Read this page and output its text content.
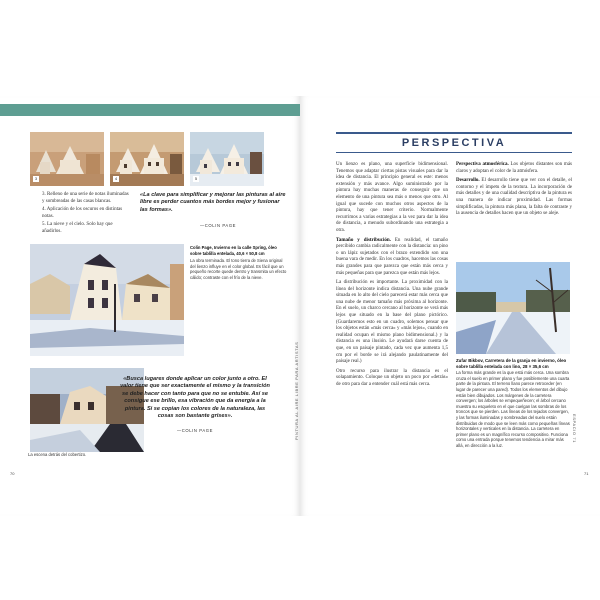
3	4	5
3. Relleno de una serie de notas iluminadas y sombreadas de las casas blancas.
4. Aplicación de los oscuros en distintas notas.
5. La nieve y el cielo. Solo hay que añadirlos.
«La clave para simplificar y mejorar las pinturas al aire libre es perder cuantos más bordes mejor y fusionar las formas».
—COLIN PAGE
Colin Page, Invierno en la calle Spring, óleo sobre tablilla entelada, 40,6 × 50,8 cm
La obra terminada. El tono tierra de Siena original del lienzo influye en el color global. Es fácil que un pequeño recorte quede dentro y transmita un efecto cálido; contraste con el frío de la nieve.
La escena detrás del cobertizo.
«Busca lugares donde aplicar un color junto a otro. El valor tiene que ser exactamente el mismo y la transición se debe hacer con tanto para que no se entubie. Así se consigue ese brillo, esa vibración que da energía a la pintura. Si se copian los colores de la naturaleza, las cosas son bastante grises».
—COLIN PAGE	PINTURA AL AIRE LIBRE PARA ARTISTAS
70
PERSPECTIVA

Un lienzo es plano, una superficie bidimensional. Tenemos que adaptar ciertas pistas visuales para dar la idea de distancia. El principio general es este: menos extensión y más avance. Algo suministrado por la pintura hay muchas maneras de conseguir que un elemento de una pintura sea más o menos que otro. Al igual que sucede con muchos otros aspectos de la pintura, hay que tener criterio. Normalmente recurrimos a varias estrategias a la vez para dar la idea de distancia, a menudo subordinando una estrategia a otra.

Tamaño y distribución. En realidad, el tamaño percibido cambia radicalmente con la distancia: un pino o un lápiz sujetados con el brazo extendido son una buena vara de medir. En los cuadros, hacemos las cosas más grandes para que parezca que están más cerca y más pequeñas para que parezca que están más lejos.

La distribución es importante. La proximidad con la línea del horizonte indica distancia. Una nube grande situada en lo alto del cielo parecerá estar más cerca que una nube de menor tamaño más próxima al horizonte. En el suelo, un charco cercano al horizonte se verá más lejos que situado en la base del plano pictórico. (Guardaremos esto en un cuadro, solemos pensar que los objetos están «más cerca» y «más lejos», cuando en realidad ocupan el mismo plano bidimensional.) y la distancia es una ilusión. Le ayudará darse cuenta de que, en un paisaje pintado, cada vez que aumenta 1,5 cm por el borde se irá alejando paulatinamente del paisaje real.)

Otro recurso para ilustrar la distancia es el solapamiento. Coloque un objeto un poco por «detrás» de otro para dar a entender cuál está más cerca.

Perspectiva atmosférica. Los objetos distantes son más claros y adoptan el color de la atmósfera.

Desarrollo. El desarrollo tiene que ver con el detalle, el contorno y el ímpetu de la textura. La incorporación de más detalles y de una cualidad descriptiva de la pintura es una manera de indicar proximidad. Las formas simplificadas, la pintura más plana, la falta de contraste y la ausencia de detalles hacen que un objeto se aleje.

Zufar Bikbov, Carretera de la granja en invierno, óleo sobre tablilla entelada con lino, 28 × 35,6 cm
La forma más grande es la que está más cerca. Una sombra cruza el suelo en primer plano y fue posiblemente una cuarta parte de la pintura. El terreno llano parece retroceder (en lugar de parecer una pared). Todos los elementos del dibujo están bien dibujados. Los márgenes de la carretera convergen; los árboles se empequeñecen; el árbol cercano muestra su esqueleto en el que cuelgan las sombras de los troncos que se pierden. Las líneas de los tejados convergen, y las formas iluminadas y sombreadas del suelo están distribuidas de modo que se leen más como pequeñas líneas horizontales y verticales en la distancia. La carretera en primer plano es un magnífico recurso compositivo. Funciona como una entrada porque tenemos tendencia a mirar más allá, en dirección a la luz.
ESPACIO 71
71
